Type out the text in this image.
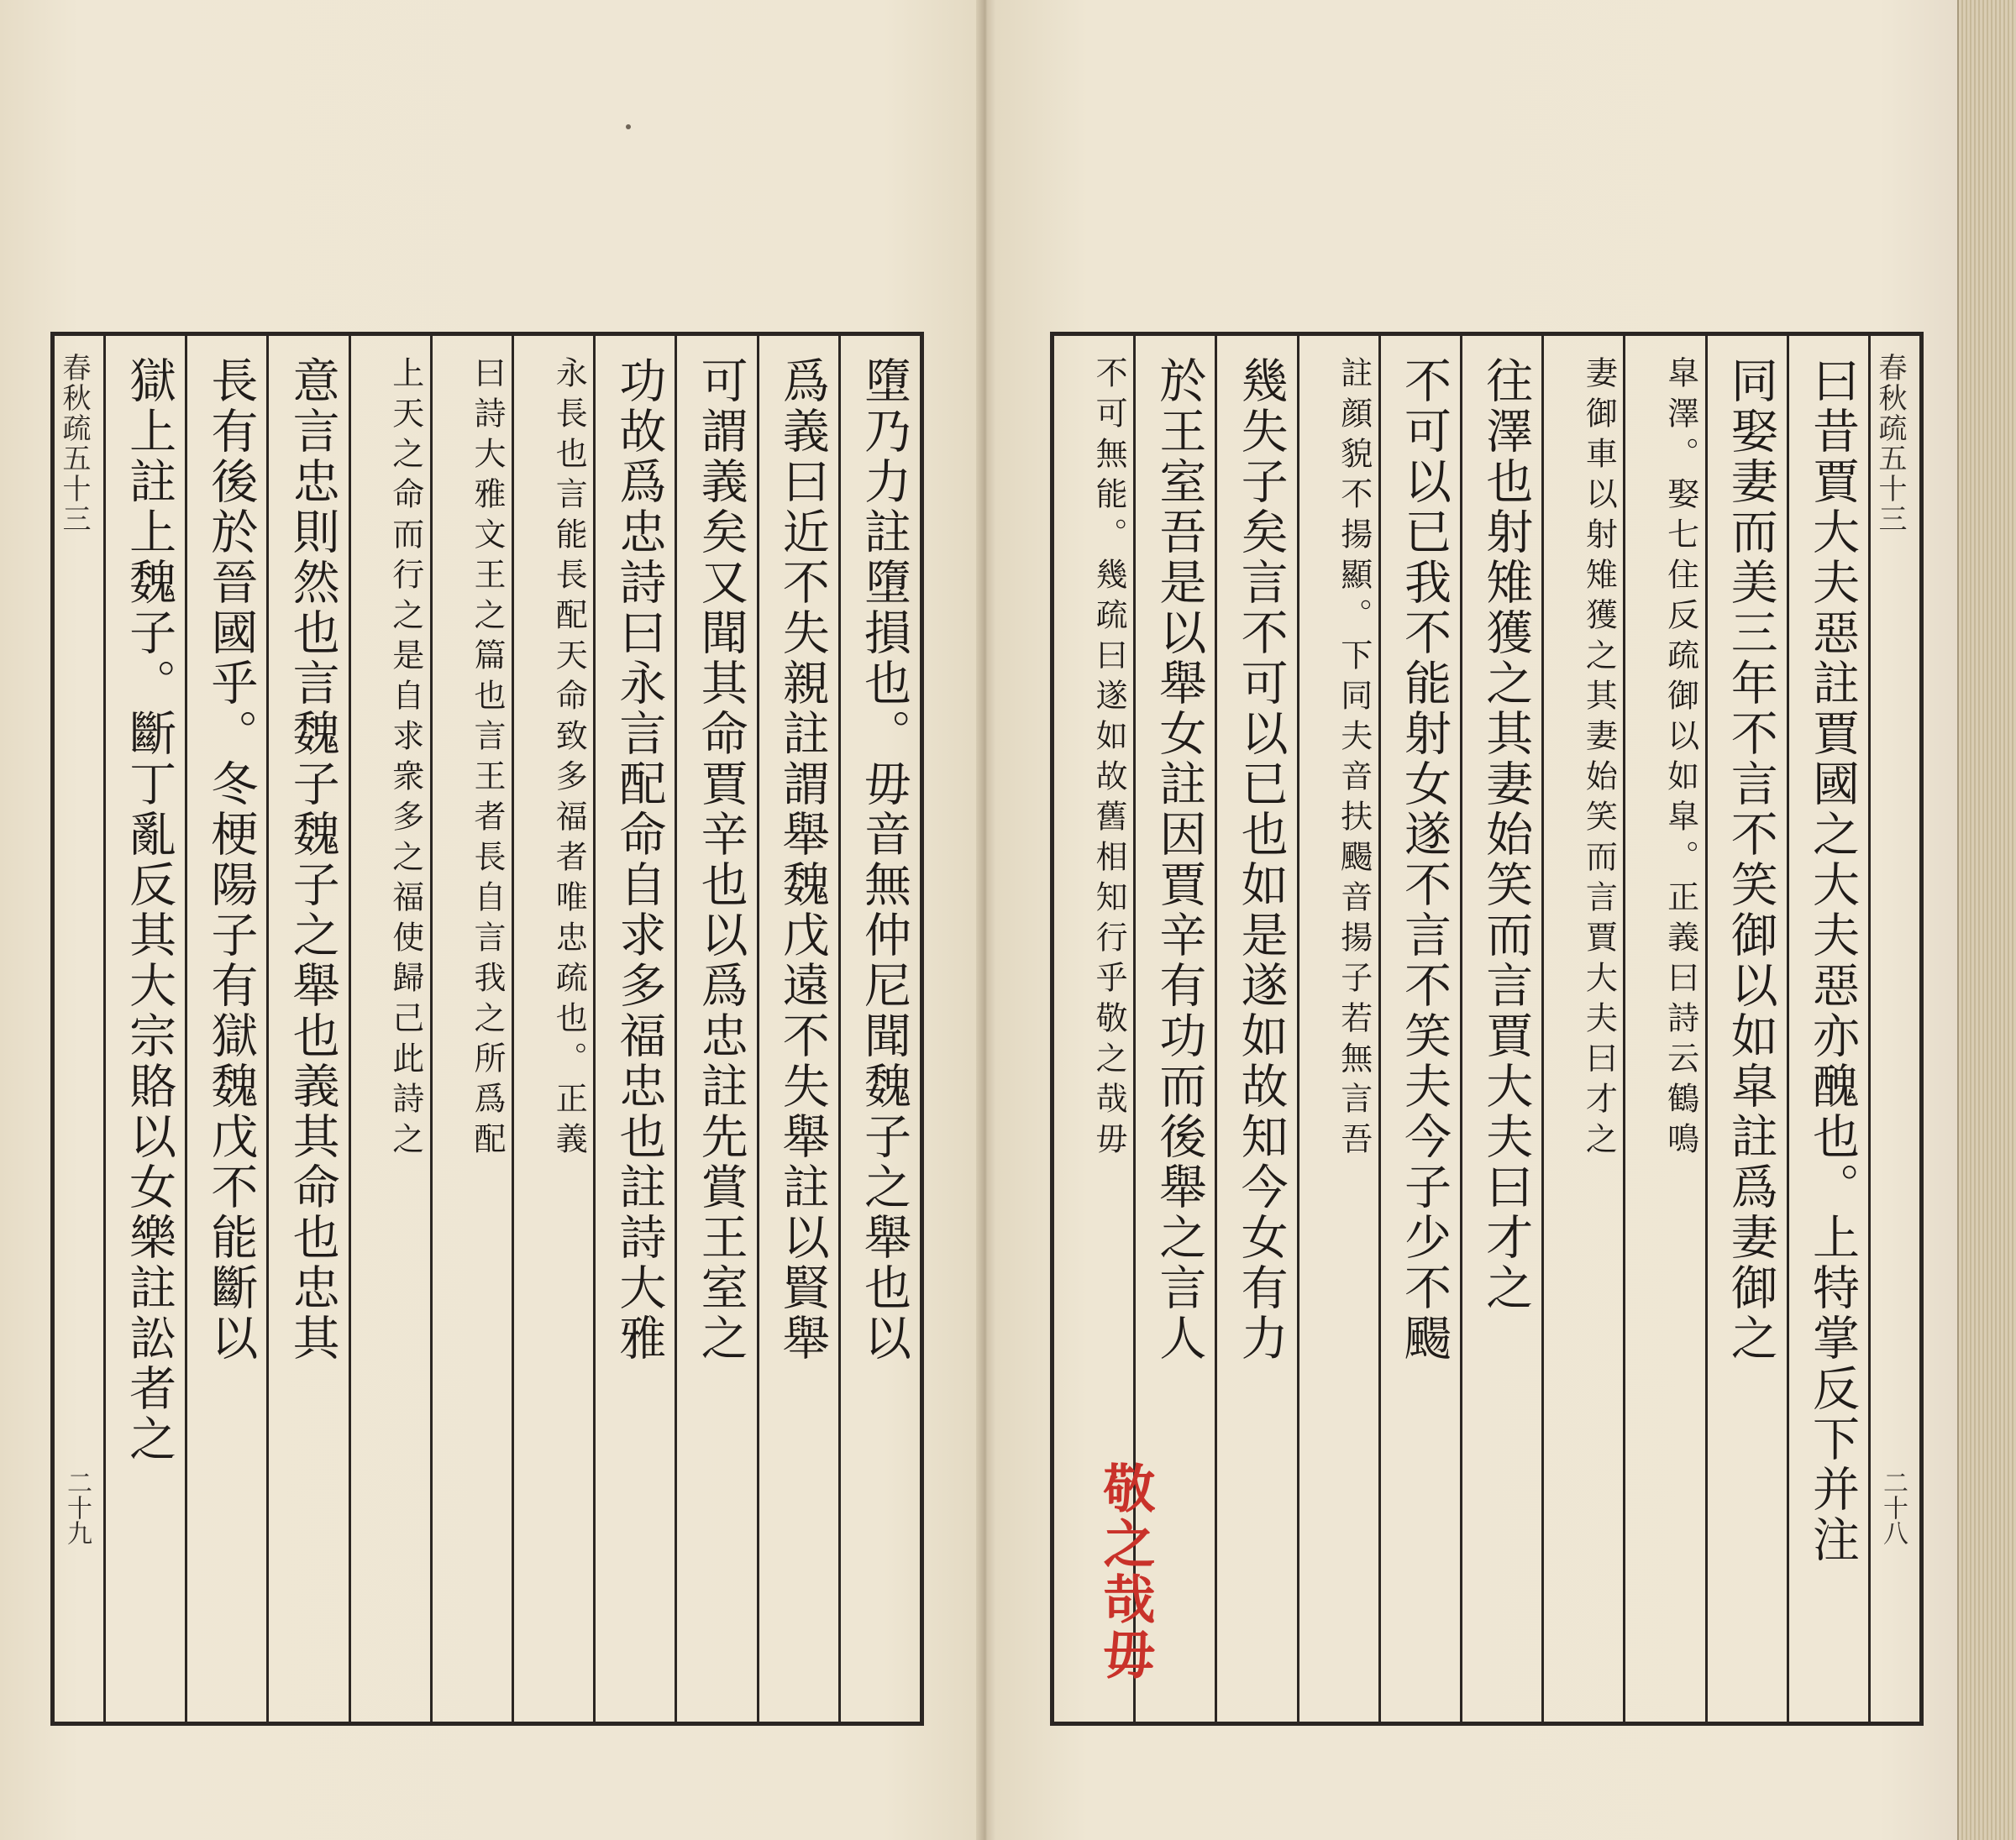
墮乃力註墮損也。毋音無仲尼聞魏子之舉也以
爲義曰近不失親註謂舉魏戊遠不失舉註以賢舉
可謂義矣又聞其命賈辛也以爲忠註先賞王室之
功故爲忠詩曰永言配命自求多福忠也註詩大雅
永長也言能長配天命致多福者唯忠疏也。正義
曰詩大雅文王之篇也言王者長自言我之所爲配
上天之命而行之是自求衆多之福使歸己此詩之
意言忠則然也言魏子魏子之舉也義其命也忠其
長有後於晉國乎。冬梗陽子有獄魏戊不能斷以
獄上註上魏子。斷丁亂反其大宗賂以女樂註訟者之
春秋疏五十三
二十九
春秋疏五十三
二十八
曰昔賈大夫惡註賈國之大夫惡亦醜也。上特掌反下并注
同娶妻而美三年不言不笑御以如皐註爲妻御之
皐澤。娶七住反疏御以如皐。正義曰詩云鶴鳴
妻御車以射雉獲之其妻始笑而言賈大夫曰才之
往澤也射雉獲之其妻始笑而言賈大夫曰才之
不可以已我不能射女遂不言不笑夫今子少不颺
註顔貌不揚顯。下同夫音扶颺音揚子若無言吾
幾失子矣言不可以已也如是遂如故知今女有力
於王室吾是以舉女註因賈辛有功而後舉之言人
不可無能。幾疏曰遂如故舊相知行乎敬之哉毋
敬之哉毋
